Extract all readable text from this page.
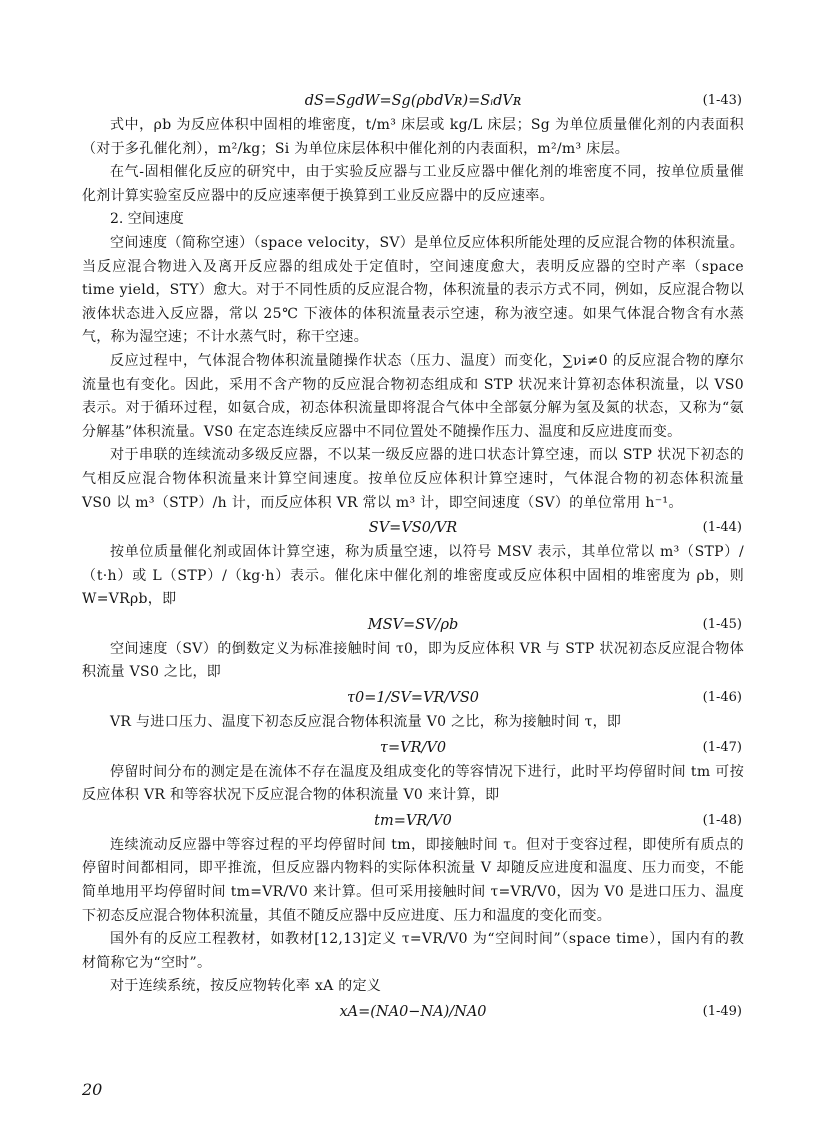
dS=SgdW=Sg(ρbdVʀ)=SᵢdVʀ	(1-43)

式中，ρb 为反应体积中固相的堆密度，t/m³ 床层或 kg/L 床层；Sg 为单位质量催化剂的内表面积（对于多孔催化剂），m²/kg；Si 为单位床层体积中催化剂的内表面积，m²/m³ 床层。

在气-固相催化反应的研究中，由于实验反应器与工业反应器中催化剂的堆密度不同，按单位质量催化剂计算实验室反应器中的反应速率便于换算到工业反应器中的反应速率。

2. 空间速度

空间速度（简称空速）（space velocity，SV）是单位反应体积所能处理的反应混合物的体积流量。当反应混合物进入及离开反应器的组成处于定值时，空间速度愈大，表明反应器的空时产率（space time yield，STY）愈大。对于不同性质的反应混合物，体积流量的表示方式不同，例如，反应混合物以液体状态进入反应器，常以 25℃ 下液体的体积流量表示空速，称为液空速。如果气体混合物含有水蒸气，称为湿空速；不计水蒸气时，称干空速。

反应过程中，气体混合物体积流量随操作状态（压力、温度）而变化，∑νi≠0 的反应混合物的摩尔流量也有变化。因此，采用不含产物的反应混合物初态组成和 STP 状况来计算初态体积流量，以 VS0 表示。对于循环过程，如氨合成，初态体积流量即将混合气体中全部氨分解为氢及氮的状态，又称为“氨分解基”体积流量。VS0 在定态连续反应器中不同位置处不随操作压力、温度和反应进度而变。

对于串联的连续流动多级反应器，不以某一级反应器的进口状态计算空速，而以 STP 状况下初态的气相反应混合物体积流量来计算空间速度。按单位反应体积计算空速时，气体混合物的初态体积流量 VS0 以 m³（STP）/h 计，而反应体积 VR 常以 m³ 计，即空间速度（SV）的单位常用 h⁻¹。

SV=VS0/VR	(1-44)

按单位质量催化剂或固体计算空速，称为质量空速，以符号 MSV 表示，其单位常以 m³（STP）/（t·h）或 L（STP）/（kg·h）表示。催化床中催化剂的堆密度或反应体积中固相的堆密度为 ρb，则 W=VRρb，即

MSV=SV/ρb	(1-45)

空间速度（SV）的倒数定义为标准接触时间 τ0，即为反应体积 VR 与 STP 状况初态反应混合物体积流量 VS0 之比，即

τ0=1/SV=VR/VS0	(1-46)

VR 与进口压力、温度下初态反应混合物体积流量 V0 之比，称为接触时间 τ，即

τ=VR/V0	(1-47)

停留时间分布的测定是在流体不存在温度及组成变化的等容情况下进行，此时平均停留时间 tm 可按反应体积 VR 和等容状况下反应混合物的体积流量 V0 来计算，即

tm=VR/V0	(1-48)

连续流动反应器中等容过程的平均停留时间 tm，即接触时间 τ。但对于变容过程，即使所有质点的停留时间都相同，即平推流，但反应器内物料的实际体积流量 V 却随反应进度和温度、压力而变，不能简单地用平均停留时间 tm=VR/V0 来计算。但可采用接触时间 τ=VR/V0，因为 V0 是进口压力、温度下初态反应混合物体积流量，其值不随反应器中反应进度、压力和温度的变化而变。

国外有的反应工程教材，如教材[12,13]定义 τ=VR/V0 为“空间时间”（space time），国内有的教材简称它为“空时”。

对于连续系统，按反应物转化率 xA 的定义

xA=(NA0−NA)/NA0	(1-49)
20
